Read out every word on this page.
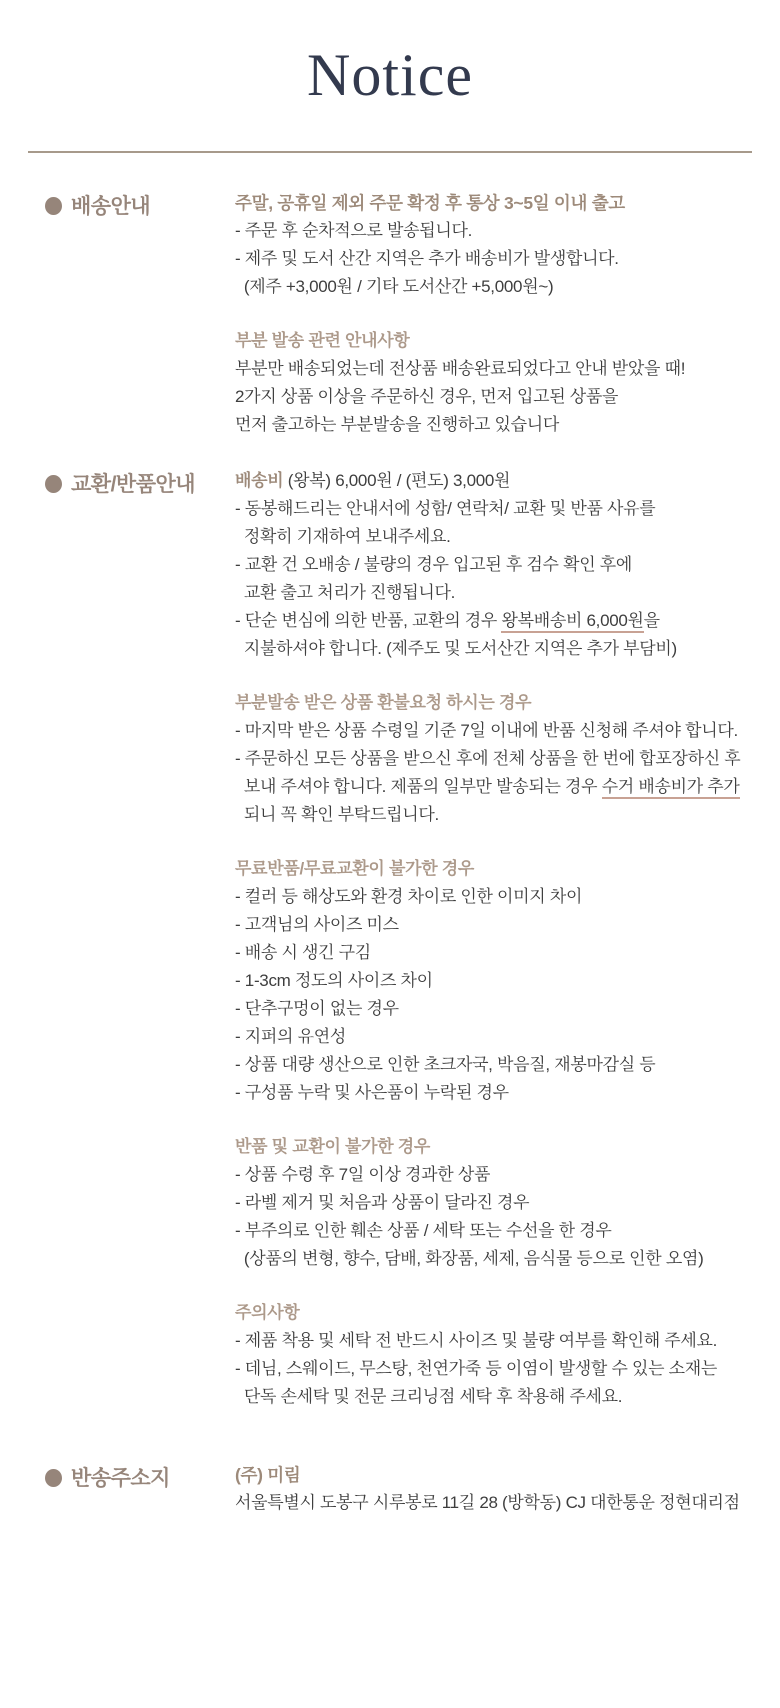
Notice
배송안내	주말, 공휴일 제외 주문 확정 후 통상 3~5일 이내 출고

- 주문 후 순차적으로 발송됩니다.

- 제주 및 도서 산간 지역은 추가 배송비가 발생합니다.

(제주 +3,000원 / 기타 도서산간 +5,000원~)

부분 발송 관련 안내사항

부분만 배송되었는데 전상품 배송완료되었다고 안내 받았을 때!

2가지 상품 이상을 주문하신 경우, 먼저 입고된 상품을

먼저 출고하는 부분발송을 진행하고 있습니다

교환/반품안내	배송비 (왕복) 6,000원 / (편도) 3,000원

- 동봉해드리는 안내서에 성함/ 연락처/ 교환 및 반품 사유를

정확히 기재하여 보내주세요.

- 교환 건 오배송 / 불량의 경우 입고된 후 검수 확인 후에

교환 출고 처리가 진행됩니다.

- 단순 변심에 의한 반품, 교환의 경우 왕복배송비 6,000원을

지불하셔야 합니다. (제주도 및 도서산간 지역은 추가 부담비)

부분발송 받은 상품 환불요청 하시는 경우

- 마지막 받은 상품 수령일 기준 7일 이내에 반품 신청해 주셔야 합니다.

- 주문하신 모든 상품을 받으신 후에 전체 상품을 한 번에 합포장하신 후

보내 주셔야 합니다. 제품의 일부만 발송되는 경우 수거 배송비가 추가

되니 꼭 확인 부탁드립니다.

무료반품/무료교환이 불가한 경우

- 컬러 등 해상도와 환경 차이로 인한 이미지 차이

- 고객님의 사이즈 미스

- 배송 시 생긴 구김

- 1-3cm 정도의 사이즈 차이

- 단추구멍이 없는 경우

- 지퍼의 유연성

- 상품 대량 생산으로 인한 초크자국, 박음질, 재봉마감실 등

- 구성품 누락 및 사은품이 누락된 경우

반품 및 교환이 불가한 경우

- 상품 수령 후 7일 이상 경과한 상품

- 라벨 제거 및 처음과 상품이 달라진 경우

- 부주의로 인한 훼손 상품 / 세탁 또는 수선을 한 경우

(상품의 변형, 향수, 담배, 화장품, 세제, 음식물 등으로 인한 오염)

주의사항

- 제품 착용 및 세탁 전 반드시 사이즈 및 불량 여부를 확인해 주세요.

- 데님, 스웨이드, 무스탕, 천연가죽 등 이염이 발생할 수 있는 소재는

단독 손세탁 및 전문 크리닝점 세탁 후 착용해 주세요.

반송주소지	(주) 미림

서울특별시 도봉구 시루봉로 11길 28 (방학동) CJ 대한통운 정현대리점
